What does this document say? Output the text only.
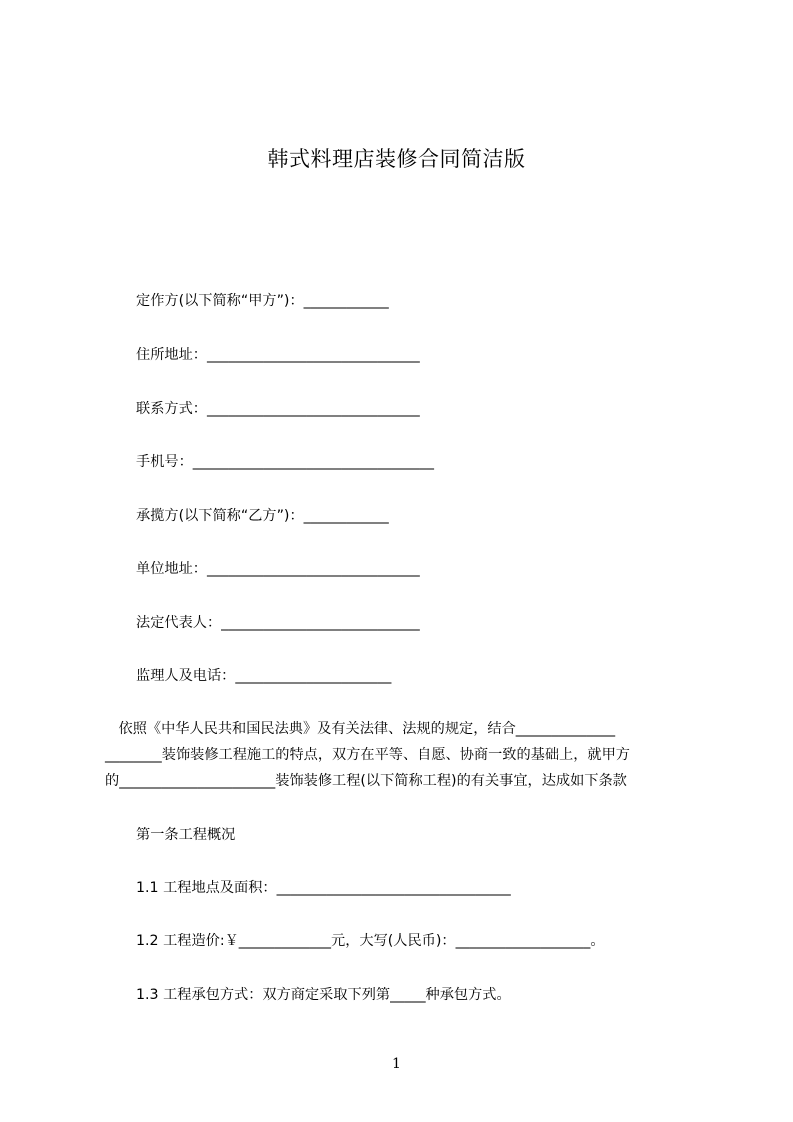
韩式料理店装修合同简洁版
定作方(以下简称“甲方”)：____________
住所地址：______________________________
联系方式：______________________________
手机号：__________________________________
承揽方(以下简称“乙方”)：____________
单位地址：______________________________
法定代表人：____________________________
监理人及电话：______________________
依照《中华人民共和国民法典》及有关法律、法规的规定，结合______________
________装饰装修工程施工的特点，双方在平等、自愿、协商一致的基础上，就甲方
的______________________装饰装修工程(以下简称工程)的有关事宜，达成如下条款
第一条工程概况
1.1 工程地点及面积：_________________________________
1.2 工程造价:￥_____________元，大写(人民币)：___________________。
1.3 工程承包方式：双方商定采取下列第_____种承包方式。
1
